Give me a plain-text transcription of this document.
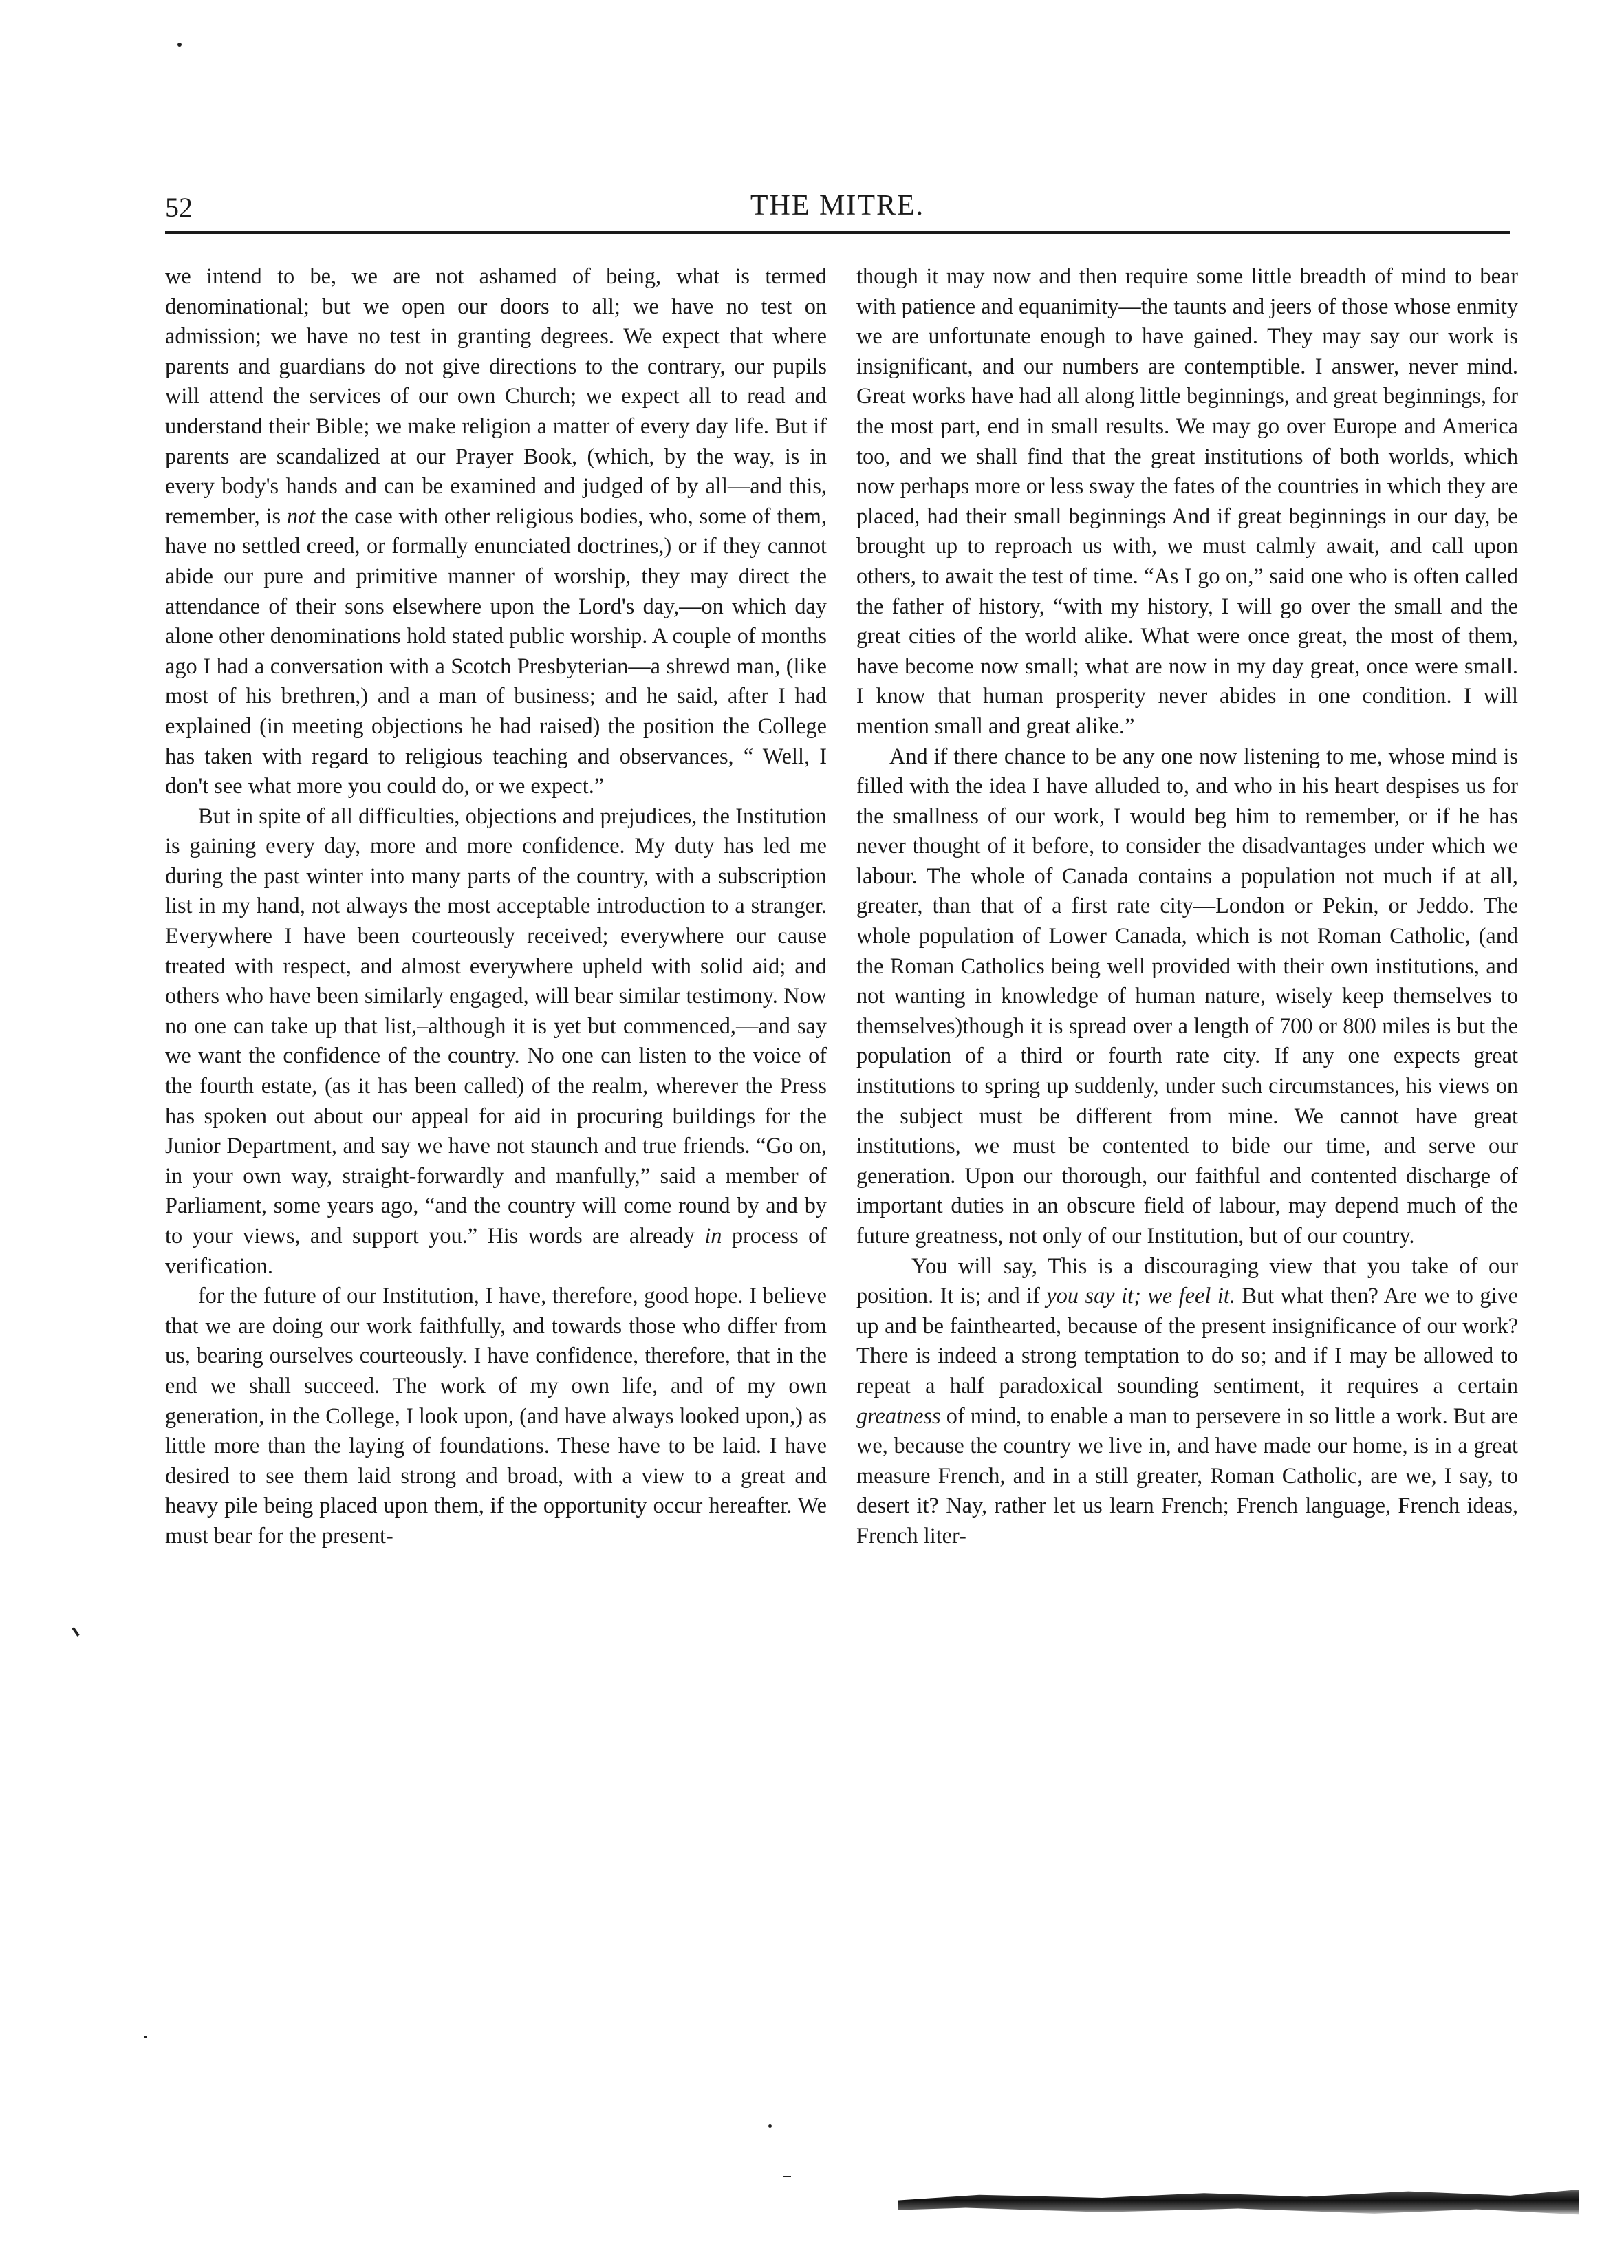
52	THE MITRE.

we intend to be, we are not ashamed of being, what is termed denominational; but we open our doors to all; we have no test on admission; we have no test in granting degrees. We expect that where parents and guardians do not give directions to the contrary, our pupils will attend the services of our own Church; we expect all to read and understand their Bible; we make religion a matter of every day life. But if parents are scandalized at our Prayer Book, (which, by the way, is in every body's hands and can be examined and judged of by all—and this, remember, is not the case with other religious bodies, who, some of them, have no settled creed, or formally enunciated doctrines,) or if they cannot abide our pure and primitive manner of worship, they may direct the attendance of their sons elsewhere upon the Lord's day,—on which day alone other denominations hold stated public worship. A couple of months ago I had a conversation with a Scotch Presbyterian—a shrewd man, (like most of his brethren,) and a man of business; and he said, after I had explained (in meeting objections he had raised) the position the College has taken with regard to religious teaching and observances, “ Well, I don't see what more you could do, or we expect.”

But in spite of all difficulties, objections and prejudices, the Institution is gaining every day, more and more confidence. My duty has led me during the past winter into many parts of the country, with a subscription list in my hand, not always the most acceptable introduction to a stranger. Everywhere I have been courteously received; everywhere our cause treated with respect, and almost everywhere upheld with solid aid; and others who have been similarly engaged, will bear similar testimony. Now no one can take up that list,–although it is yet but commenced,—and say we want the confidence of the country. No one can listen to the voice of the fourth estate, (as it has been called) of the realm, wherever the Press has spoken out about our appeal for aid in procuring buildings for the Junior Department, and say we have not staunch and true friends. “Go on, in your own way, straight-forwardly and manfully,” said a member of Parliament, some years ago, “and the country will come round by and by to your views, and support you.” His words are already in process of verification.

for the future of our Institution, I have, therefore, good hope. I believe that we are doing our work faithfully, and towards those who differ from us, bearing ourselves courteously. I have confidence, therefore, that in the end we shall succeed. The work of my own life, and of my own generation, in the College, I look upon, (and have always looked upon,) as little more than the laying of foundations. These have to be laid. I have desired to see them laid strong and broad, with a view to a great and heavy pile being placed upon them, if the opportunity occur hereafter. We must bear for the present-

though it may now and then require some little breadth of mind to bear with patience and equanimity—the taunts and jeers of those whose enmity we are unfortunate enough to have gained. They may say our work is insignificant, and our numbers are contemptible. I answer, never mind. Great works have had all along little beginnings, and great beginnings, for the most part, end in small results. We may go over Europe and America too, and we shall find that the great institutions of both worlds, which now perhaps more or less sway the fates of the countries in which they are placed, had their small beginnings And if great beginnings in our day, be brought up to reproach us with, we must calmly await, and call upon others, to await the test of time. “As I go on,” said one who is often called the father of history, “with my history, I will go over the small and the great cities of the world alike. What were once great, the most of them, have become now small; what are now in my day great, once were small. I know that human prosperity never abides in one condition. I will mention small and great alike.”

And if there chance to be any one now listening to me, whose mind is filled with the idea I have alluded to, and who in his heart despises us for the smallness of our work, I would beg him to remember, or if he has never thought of it before, to consider the disadvantages under which we labour. The whole of Canada contains a population not much if at all, greater, than that of a first rate city—London or Pekin, or Jeddo. The whole population of Lower Canada, which is not Roman Catholic, (and the Roman Catholics being well provided with their own institutions, and not wanting in knowledge of human nature, wisely keep themselves to themselves)though it is spread over a length of 700 or 800 miles is but the population of a third or fourth rate city. If any one expects great institutions to spring up suddenly, under such circumstances, his views on the subject must be different from mine. We cannot have great institutions, we must be contented to bide our time, and serve our generation. Upon our thorough, our faithful and contented discharge of important duties in an obscure field of labour, may depend much of the future greatness, not only of our Institution, but of our country.

You will say, This is a discouraging view that you take of our position. It is; and if you say it; we feel it. But what then? Are we to give up and be fainthearted, because of the present insignificance of our work? There is indeed a strong temptation to do so; and if I may be allowed to repeat a half paradoxical sounding sentiment, it requires a certain greatness of mind, to enable a man to persevere in so little a work. But are we, because the country we live in, and have made our home, is in a great measure French, and in a still greater, Roman Catholic, are we, I say, to desert it? Nay, rather let us learn French; French language, French ideas, French liter-
